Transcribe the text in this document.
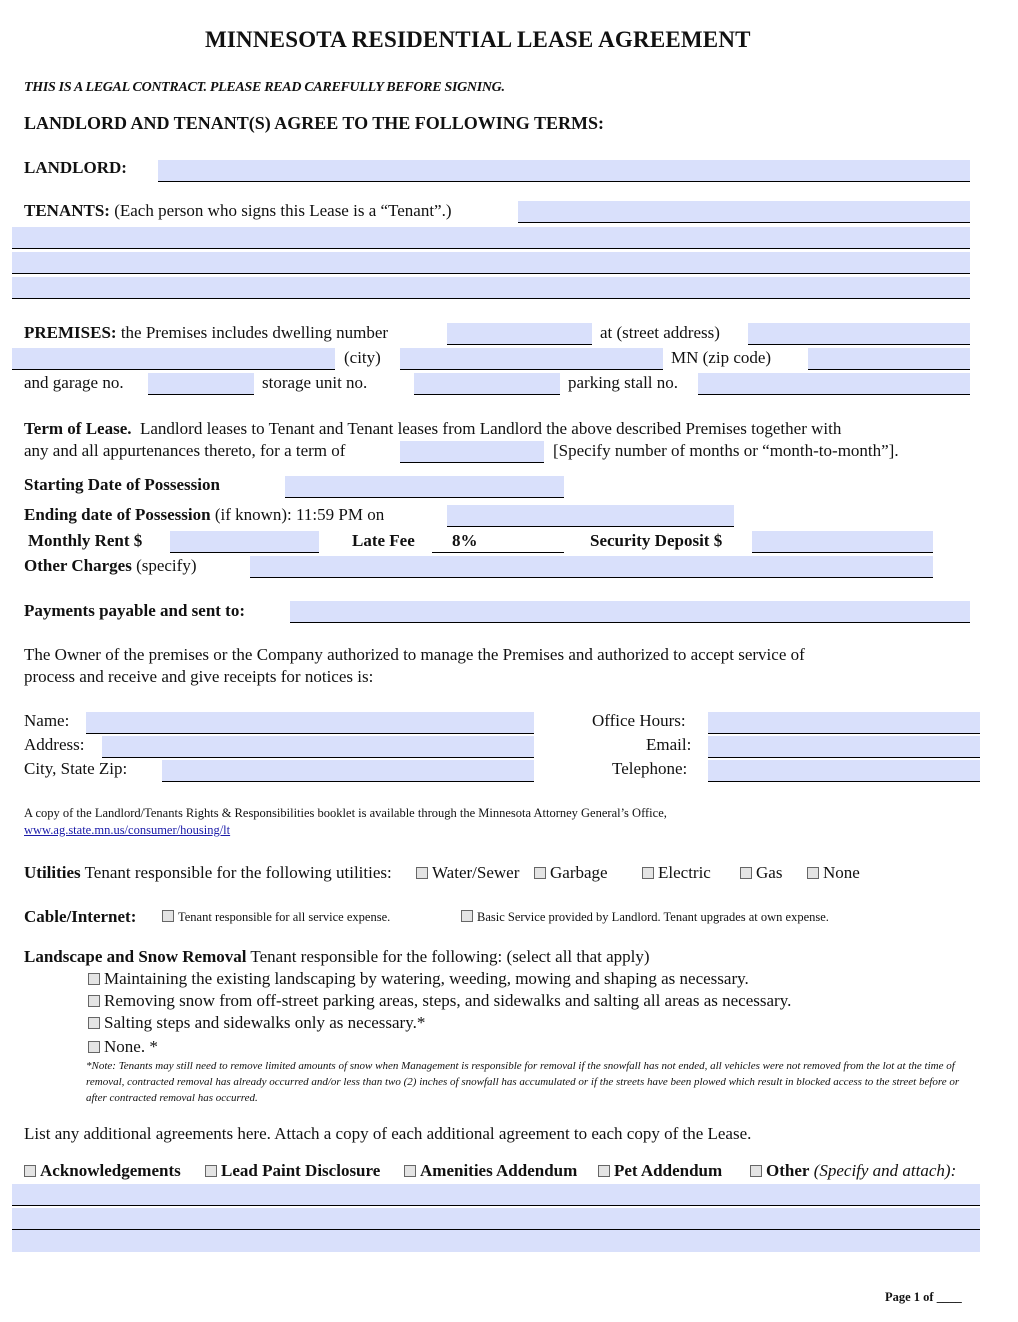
MINNESOTA RESIDENTIAL LEASE AGREEMENT
THIS IS A LEGAL CONTRACT. PLEASE READ CAREFULLY BEFORE SIGNING.
LANDLORD AND TENANT(S) AGREE TO THE FOLLOWING TERMS:
LANDLORD:
TENANTS: (Each person who signs this Lease is a “Tenant”.)
PREMISES: the Premises includes dwelling number	at (street address)
(city)	MN (zip code)
and garage no.	storage unit no.	parking stall no.
Term of Lease. Landlord leases to Tenant and Tenant leases from Landlord the above described Premises together with
any and all appurtenances thereto, for a term of	[Specify number of months or “month-to-month”].
Starting Date of Possession
Ending date of Possession (if known): 11:59 PM on
Monthly Rent $	Late Fee	8%	Security Deposit $
Other Charges (specify)
Payments payable and sent to:
The Owner of the premises or the Company authorized to manage the Premises and authorized to accept service of
process and receive and give receipts for notices is:
Name:
Address:
City, State Zip:
Office Hours:
Email:
Telephone:
A copy of the Landlord/Tenants Rights & Responsibilities booklet is available through the Minnesota Attorney General’s Office,
www.ag.state.mn.us/consumer/housing/lt
Utilities Tenant responsible for the following utilities:	Water/Sewer	Garbage	Electric	Gas	None
Cable/Internet:	Tenant responsible for all service expense.	Basic Service provided by Landlord. Tenant upgrades at own expense.
Landscape and Snow Removal Tenant responsible for the following: (select all that apply)
Maintaining the existing landscaping by watering, weeding, mowing and shaping as necessary.
Removing snow from off-street parking areas, steps, and sidewalks and salting all areas as necessary.
Salting steps and sidewalks only as necessary.*
None. *
*Note: Tenants may still need to remove limited amounts of snow when Management is responsible for removal if the snowfall has not ended, all vehicles were not removed from the lot at the time of removal, contracted removal has already occurred and/or less than two (2) inches of snowfall has accumulated or if the streets have been plowed which result in blocked access to the street before or after contracted removal has occurred.
List any additional agreements here. Attach a copy of each additional agreement to each copy of the Lease.
Acknowledgements	Lead Paint Disclosure	Amenities Addendum	Pet Addendum	Other (Specify and attach):
Page 1 of ____
